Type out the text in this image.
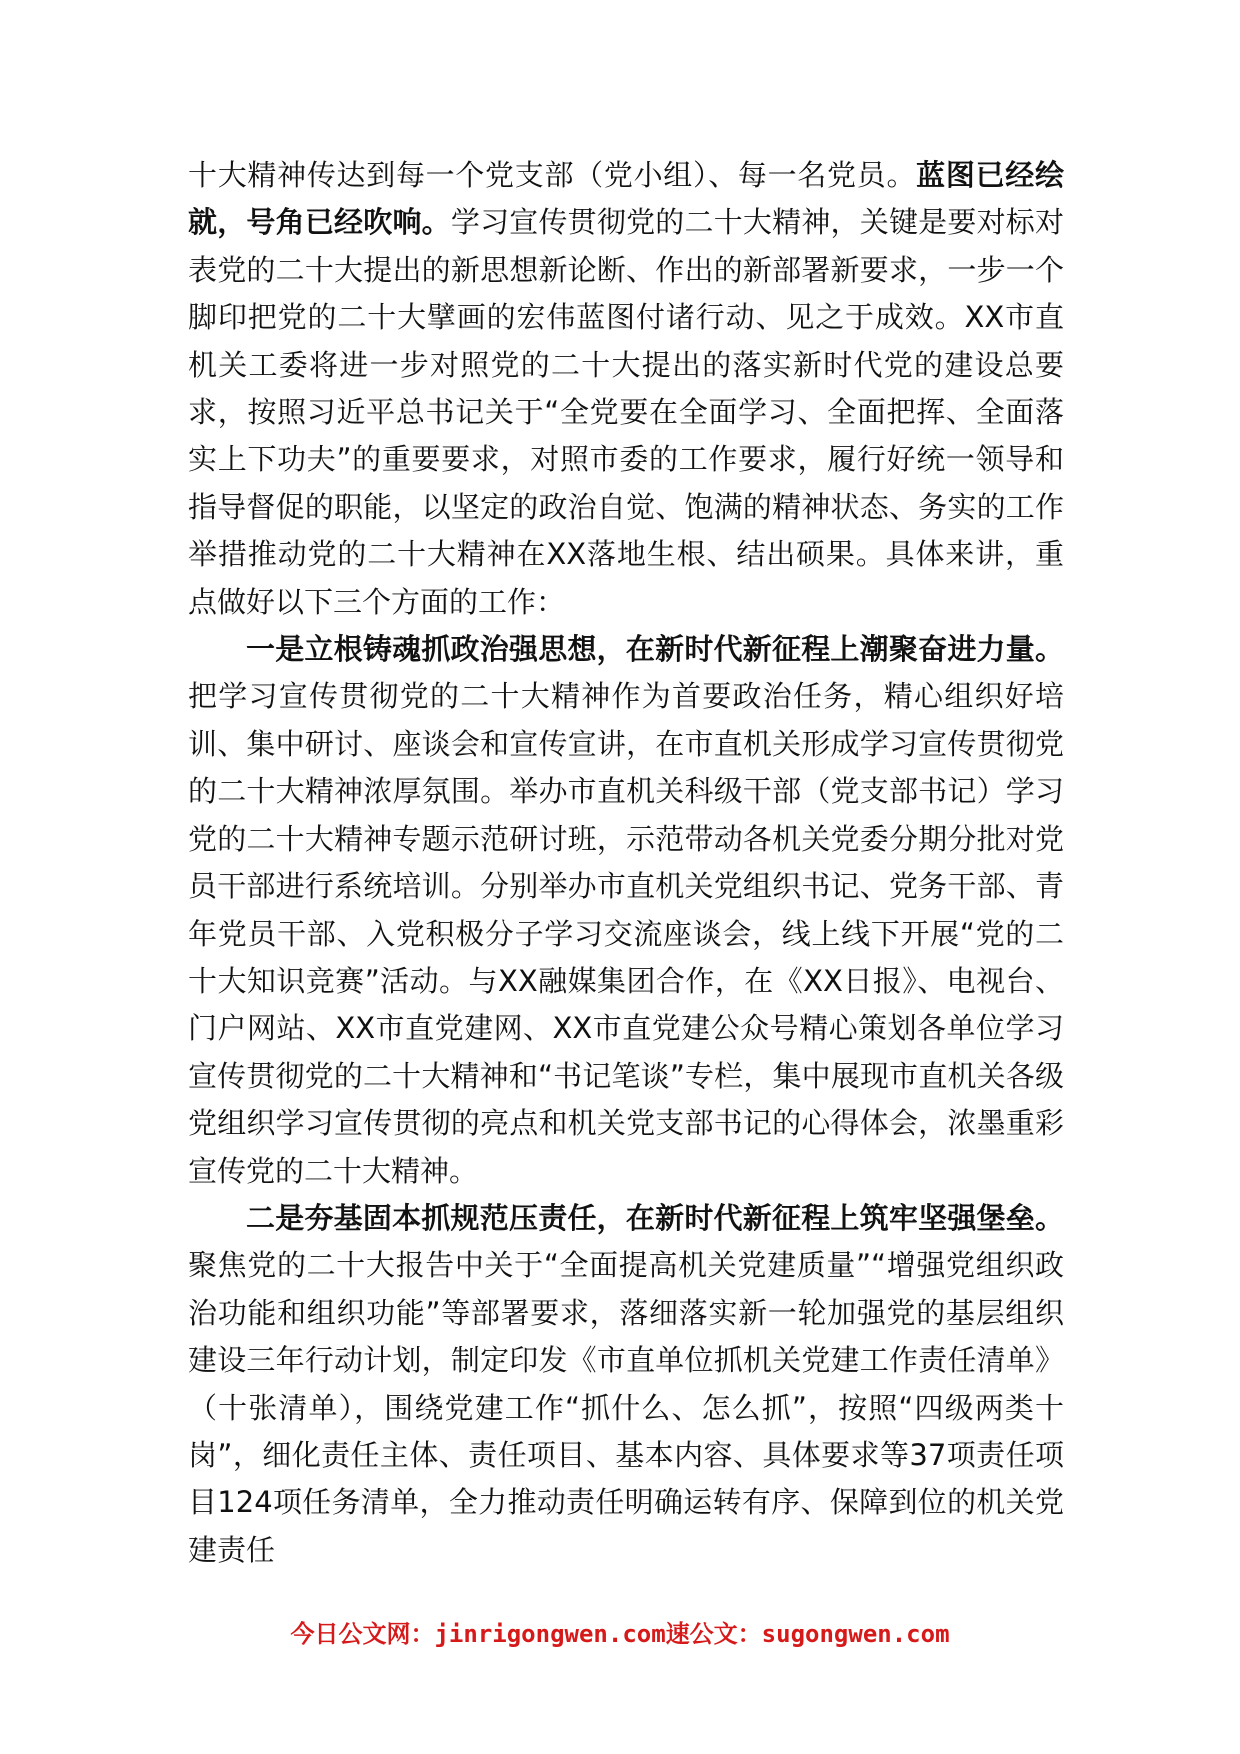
十大精神传达到每一个党支部（党小组）、每一名党员。蓝图已经绘就，号角已经吹响。学习宣传贯彻党的二十大精神，关键是要对标对表党的二十大提出的新思想新论断、作出的新部署新要求，一步一个脚印把党的二十大擘画的宏伟蓝图付诸行动、见之于成效。XX市直机关工委将进一步对照党的二十大提出的落实新时代党的建设总要求，按照习近平总书记关于“全党要在全面学习、全面把挥、全面落实上下功夫”的重要要求，对照市委的工作要求，履行好统一领导和指导督促的职能，以坚定的政治自觉、饱满的精神状态、务实的工作举措推动党的二十大精神在XX落地生根、结出硕果。具体来讲，重点做好以下三个方面的工作：

一是立根铸魂抓政治强思想，在新时代新征程上潮聚奋进力量。把学习宣传贯彻党的二十大精神作为首要政治任务，精心组织好培训、集中研讨、座谈会和宣传宣讲，在市直机关形成学习宣传贯彻党的二十大精神浓厚氛围。举办市直机关科级干部（党支部书记）学习党的二十大精神专题示范研讨班，示范带动各机关党委分期分批对党员干部进行系统培训。分别举办市直机关党组织书记、党务干部、青年党员干部、入党积极分子学习交流座谈会，线上线下开展“党的二十大知识竞赛”活动。与XX融媒集团合作，在《XX日报》、电视台、门户网站、XX市直党建网、XX市直党建公众号精心策划各单位学习宣传贯彻党的二十大精神和“书记笔谈”专栏，集中展现市直机关各级党组织学习宣传贯彻的亮点和机关党支部书记的心得体会，浓墨重彩宣传党的二十大精神。

二是夯基固本抓规范压责任，在新时代新征程上筑牢坚强堡垒。聚焦党的二十大报告中关于“全面提高机关党建质量”“增强党组织政治功能和组织功能”等部署要求，落细落实新一轮加强党的基层组织建设三年行动计划，制定印发《市直单位抓机关党建工作责任清单》（十张清单），围绕党建工作“抓什么、怎么抓”，按照“四级两类十岗”，细化责任主体、责任项目、基本内容、具体要求等37项责任项目124项任务清单，全力推动责任明确运转有序、保障到位的机关党建责任

今日公文网：jinrigongwen.com速公文：sugongwen.com
